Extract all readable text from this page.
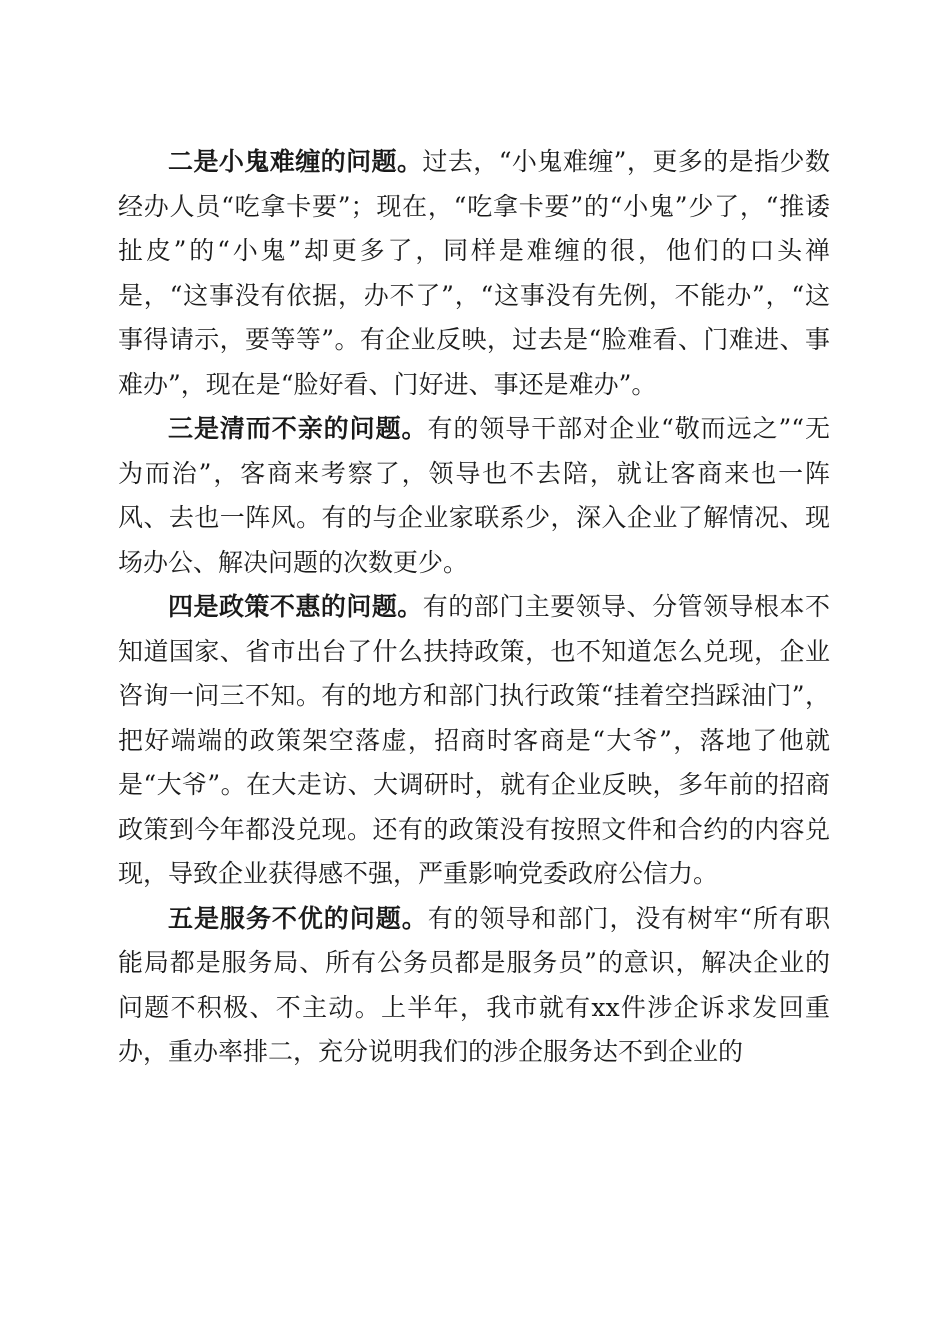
二是小鬼难缠的问题。过去，“小鬼难缠”，更多的是指少数经办人员“吃拿卡要”；现在，“吃拿卡要”的“小鬼”少了，“推诿扯皮”的“小鬼”却更多了，同样是难缠的很，他们的口头禅是，“这事没有依据，办不了”，“这事没有先例，不能办”，“这事得请示，要等等”。有企业反映，过去是“脸难看、门难进、事难办”，现在是“脸好看、门好进、事还是难办”。

三是清而不亲的问题。有的领导干部对企业“敬而远之”“无为而治”，客商来考察了，领导也不去陪，就让客商来也一阵风、去也一阵风。有的与企业家联系少，深入企业了解情况、现场办公、解决问题的次数更少。

四是政策不惠的问题。有的部门主要领导、分管领导根本不知道国家、省市出台了什么扶持政策，也不知道怎么兑现，企业咨询一问三不知。有的地方和部门执行政策“挂着空挡踩油门”，把好端端的政策架空落虚，招商时客商是“大爷”，落地了他就是“大爷”。在大走访、大调研时，就有企业反映，多年前的招商政策到今年都没兑现。还有的政策没有按照文件和合约的内容兑现，导致企业获得感不强，严重影响党委政府公信力。

五是服务不优的问题。有的领导和部门，没有树牢“所有职能局都是服务局、所有公务员都是服务员”的意识，解决企业的问题不积极、不主动。上半年，我市就有xx件涉企诉求发回重办，重办率排二，充分说明我们的涉企服务达不到企业的
